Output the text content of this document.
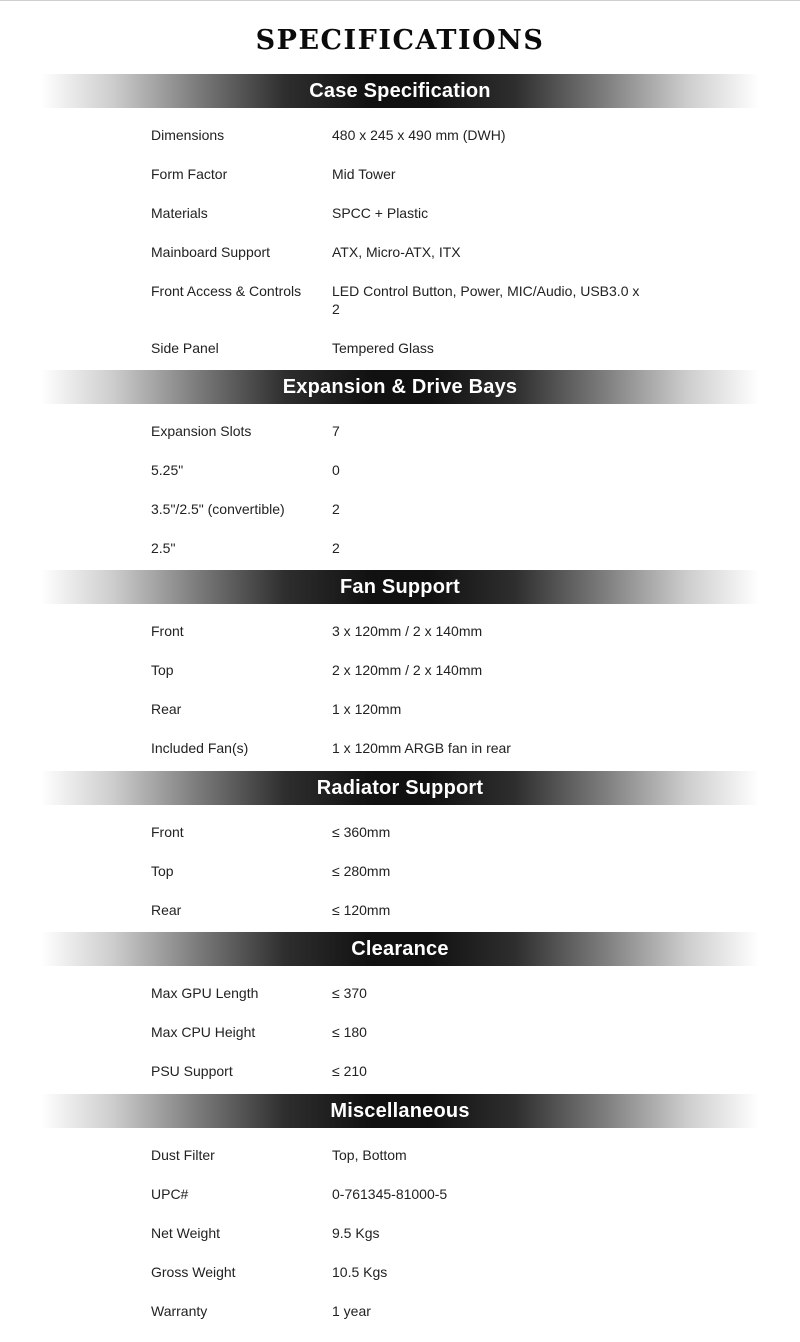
SPECIFICATIONS
Case Specification
Dimensions	480 x 245 x 490 mm (DWH)
Form Factor	Mid Tower
Materials	SPCC + Plastic
Mainboard Support	ATX, Micro-ATX, ITX
Front Access & Controls	LED Control Button, Power, MIC/Audio, USB3.0 x 2
Side Panel	Tempered Glass
Expansion & Drive Bays
Expansion Slots	7
5.25"	0
3.5"/2.5" (convertible)	2
2.5"	2
Fan Support
Front	3 x 120mm / 2 x 140mm
Top	2 x 120mm / 2 x 140mm
Rear	1 x 120mm
Included Fan(s)	1 x 120mm ARGB fan in rear
Radiator Support
Front	≤ 360mm
Top	≤ 280mm
Rear	≤ 120mm
Clearance
Max GPU Length	≤ 370
Max CPU Height	≤ 180
PSU Support	≤ 210
Miscellaneous
Dust Filter	Top, Bottom
UPC#	0-761345-81000-5
Net Weight	9.5 Kgs
Gross Weight	10.5 Kgs
Warranty	1 year
